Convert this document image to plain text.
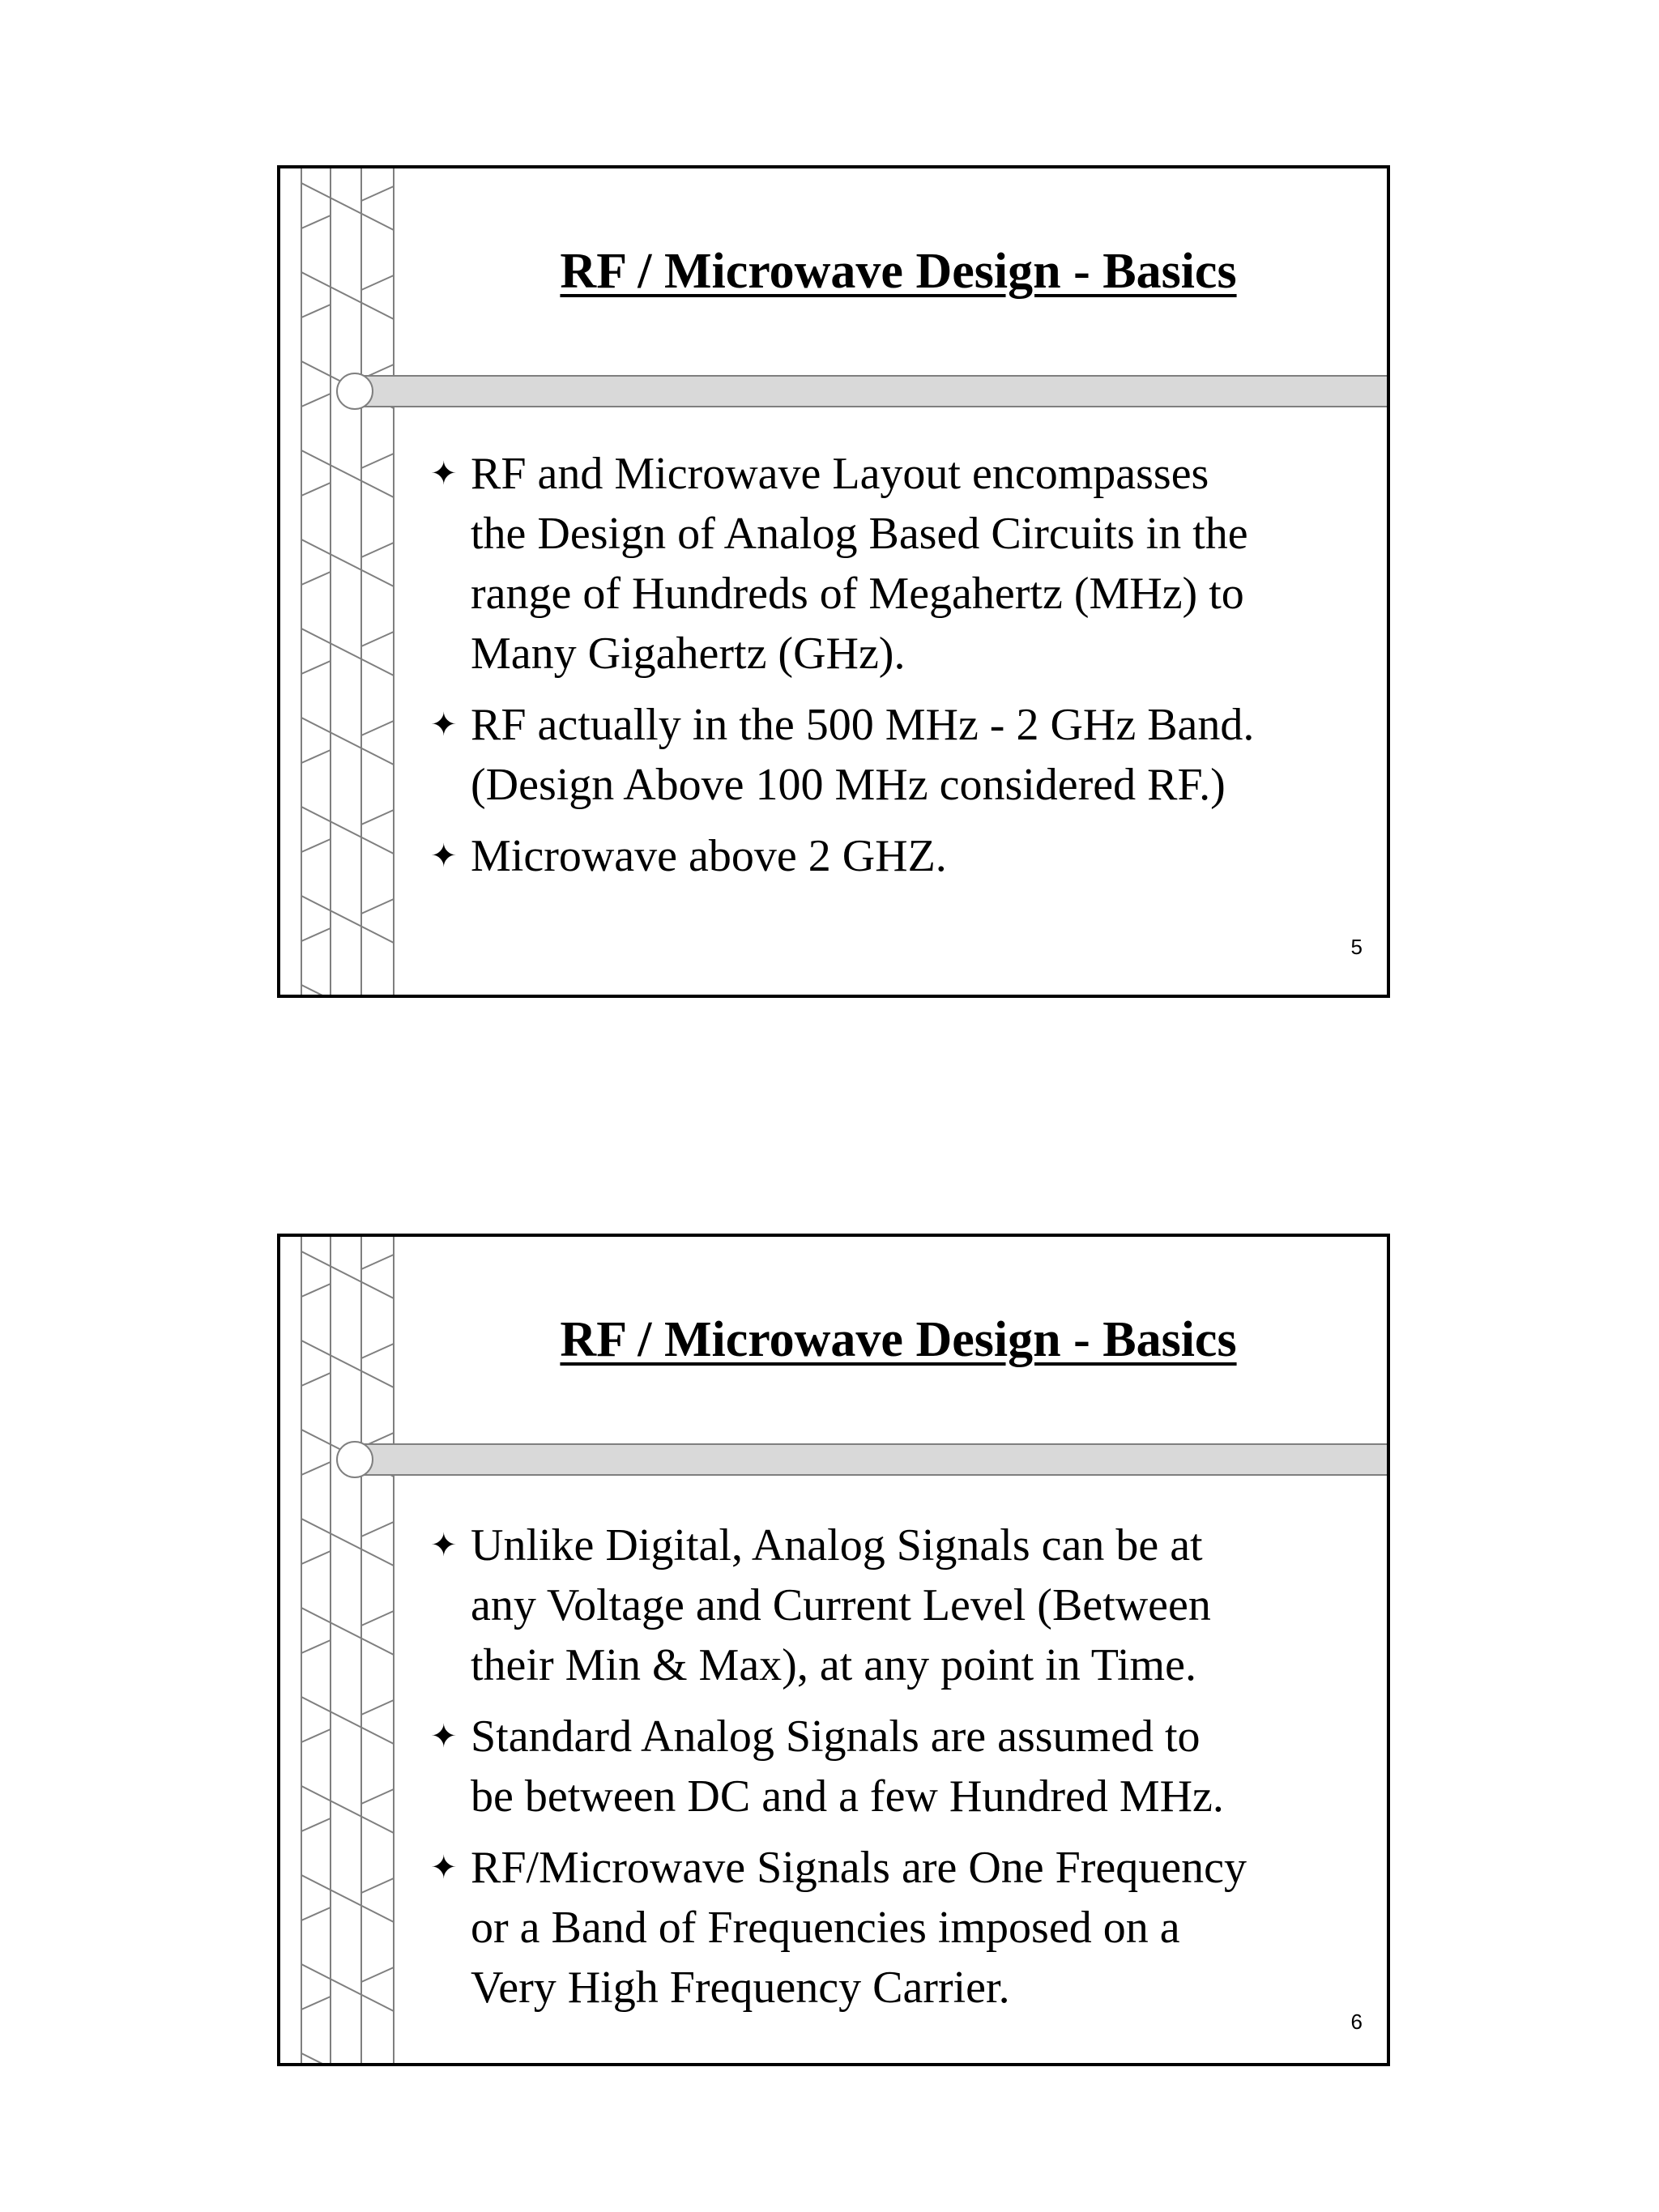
RF / Microwave Design - Basics
✦ RF and Microwave Layout encompasses
the Design of Analog Based Circuits in the
range of Hundreds of Megahertz (MHz) to
Many Gigahertz (GHz).
✦ RF actually in the 500 MHz - 2 GHz Band.
(Design Above 100 MHz considered RF.)
✦ Microwave above 2 GHZ.
5
RF / Microwave Design - Basics
✦ Unlike Digital, Analog Signals can be at
any Voltage and Current Level (Between
their Min & Max), at any point in Time.
✦ Standard Analog Signals are assumed to
be between DC and a few Hundred MHz.
✦ RF/Microwave Signals are One Frequency
or a Band of Frequencies imposed on a
Very High Frequency Carrier.
6
